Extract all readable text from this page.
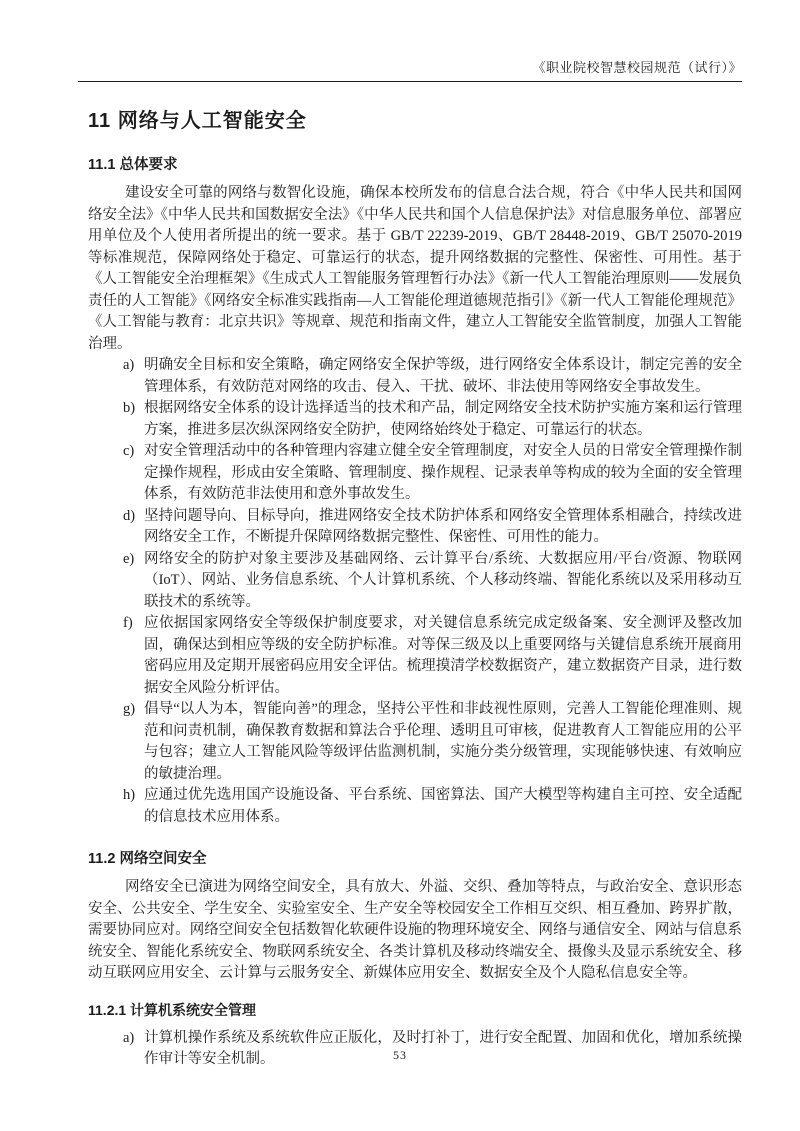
《职业院校智慧校园规范（试行）》
11 网络与人工智能安全
11.1 总体要求

建设安全可靠的网络与数智化设施，确保本校所发布的信息合法合规，符合《中华人民共和国网络安全法》《中华人民共和国数据安全法》《中华人民共和国个人信息保护法》对信息服务单位、部署应用单位及个人使用者所提出的统一要求。基于 GB/T 22239-2019、GB/T 28448-2019、GB/T 25070-2019 等标准规范，保障网络处于稳定、可靠运行的状态，提升网络数据的完整性、保密性、可用性。基于《人工智能安全治理框架》《生成式人工智能服务管理暂行办法》《新一代人工智能治理原则——发展负责任的人工智能》《网络安全标准实践指南—人工智能伦理道德规范指引》《新一代人工智能伦理规范》《人工智能与教育：北京共识》等规章、规范和指南文件，建立人工智能安全监管制度，加强人工智能治理。

a) 明确安全目标和安全策略，确定网络安全保护等级，进行网络安全体系设计，制定完善的安全管理体系，有效防范对网络的攻击、侵入、干扰、破坏、非法使用等网络安全事故发生。
b) 根据网络安全体系的设计选择适当的技术和产品，制定网络安全技术防护实施方案和运行管理方案，推进多层次纵深网络安全防护，使网络始终处于稳定、可靠运行的状态。
c) 对安全管理活动中的各种管理内容建立健全安全管理制度，对安全人员的日常安全管理操作制定操作规程，形成由安全策略、管理制度、操作规程、记录表单等构成的较为全面的安全管理体系，有效防范非法使用和意外事故发生。
d) 坚持问题导向、目标导向，推进网络安全技术防护体系和网络安全管理体系相融合，持续改进网络安全工作，不断提升保障网络数据完整性、保密性、可用性的能力。
e) 网络安全的防护对象主要涉及基础网络、云计算平台/系统、大数据应用/平台/资源、物联网（IoT）、网站、业务信息系统、个人计算机系统、个人移动终端、智能化系统以及采用移动互联技术的系统等。
f) 应依据国家网络安全等级保护制度要求，对关键信息系统完成定级备案、安全测评及整改加固，确保达到相应等级的安全防护标准。对等保三级及以上重要网络与关键信息系统开展商用密码应用及定期开展密码应用安全评估。梳理摸清学校数据资产，建立数据资产目录，进行数据安全风险分析评估。
g) 倡导“以人为本，智能向善”的理念，坚持公平性和非歧视性原则，完善人工智能伦理准则、规范和问责机制，确保教育数据和算法合乎伦理、透明且可审核，促进教育人工智能应用的公平与包容；建立人工智能风险等级评估监测机制，实施分类分级管理，实现能够快速、有效响应的敏捷治理。
h) 应通过优先选用国产设施设备、平台系统、国密算法、国产大模型等构建自主可控、安全适配的信息技术应用体系。
11.2 网络空间安全

网络安全已演进为网络空间安全，具有放大、外溢、交织、叠加等特点，与政治安全、意识形态安全、公共安全、学生安全、实验室安全、生产安全等校园安全工作相互交织、相互叠加、跨界扩散，需要协同应对。网络空间安全包括数智化软硬件设施的物理环境安全、网络与通信安全、网站与信息系统安全、智能化系统安全、物联网系统安全、各类计算机及移动终端安全、摄像头及显示系统安全、移动互联网应用安全、云计算与云服务安全、新媒体应用安全、数据安全及个人隐私信息安全等。

11.2.1 计算机系统安全管理
a) 计算机操作系统及系统软件应正版化，及时打补丁，进行安全配置、加固和优化，增加系统操作审计等安全机制。	53
